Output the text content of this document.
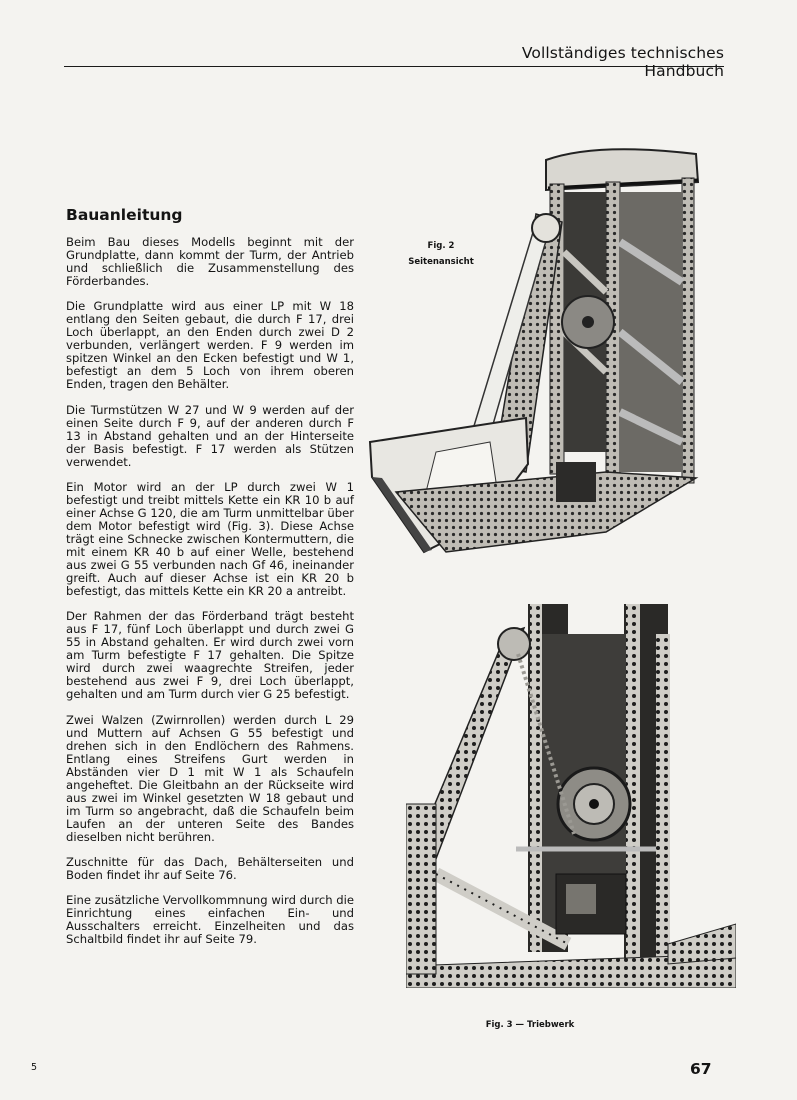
Vollständiges technisches Handbuch
Bauanleitung

Beim Bau dieses Modells beginnt mit der Grundplatte, dann kommt der Turm, der Antrieb und schließlich die Zusammenstellung des Förderbandes.

Die Grundplatte wird aus einer LP mit W 18 entlang den Seiten gebaut, die durch F 17, drei Loch überlappt, an den Enden durch zwei D 2 verbunden, verlängert werden. F 9 werden im spitzen Winkel an den Ecken befestigt und W 1, befestigt an dem 5 Loch von ihrem oberen Enden, tragen den Behälter.

Die Turmstützen W 27 und W 9 werden auf der einen Seite durch F 9, auf der anderen durch F 13 in Abstand gehalten und an der Hinterseite der Basis befestigt. F 17 werden als Stützen verwendet.

Ein Motor wird an der LP durch zwei W 1 befestigt und treibt mittels Kette ein KR 10 b auf einer Achse G 120, die am Turm unmittelbar über dem Motor befestigt wird (Fig. 3). Diese Achse trägt eine Schnecke zwischen Kontermuttern, die mit einem KR 40 b auf einer Welle, bestehend aus zwei G 55 verbunden nach Gf 46, ineinander greift. Auch auf dieser Achse ist ein KR 20 b befestigt, das mittels Kette ein KR 20 a antreibt.

Der Rahmen der das Förderband trägt besteht aus F 17, fünf Loch überlappt und durch zwei G 55 in Abstand gehalten. Er wird durch zwei vorn am Turm befestigte F 17 gehalten. Die Spitze wird durch zwei waagrechte Streifen, jeder bestehend aus zwei F 9, drei Loch überlappt, gehalten und am Turm durch vier G 25 befestigt.

Zwei Walzen (Zwirnrollen) werden durch L 29 und Muttern auf Achsen G 55 befestigt und drehen sich in den Endlöchern des Rahmens. Entlang eines Streifens Gurt werden in Abständen vier D 1 mit W 1 als Schaufeln angeheftet. Die Gleitbahn an der Rückseite wird aus zwei im Winkel gesetzten W 18 gebaut und im Turm so angebracht, daß die Schaufeln beim Laufen an der unteren Seite des Bandes dieselben nicht berühren.

Zuschnitte für das Dach, Behälterseiten und Boden findet ihr auf Seite 76.

Eine zusätzliche Vervollkommnung wird durch die Einrichtung eines einfachen Ein- und Ausschalters erreicht. Einzelheiten und das Schaltbild findet ihr auf Seite 79.

Fig. 2
Seitenansicht
Fig. 3 — Triebwerk
5	67
